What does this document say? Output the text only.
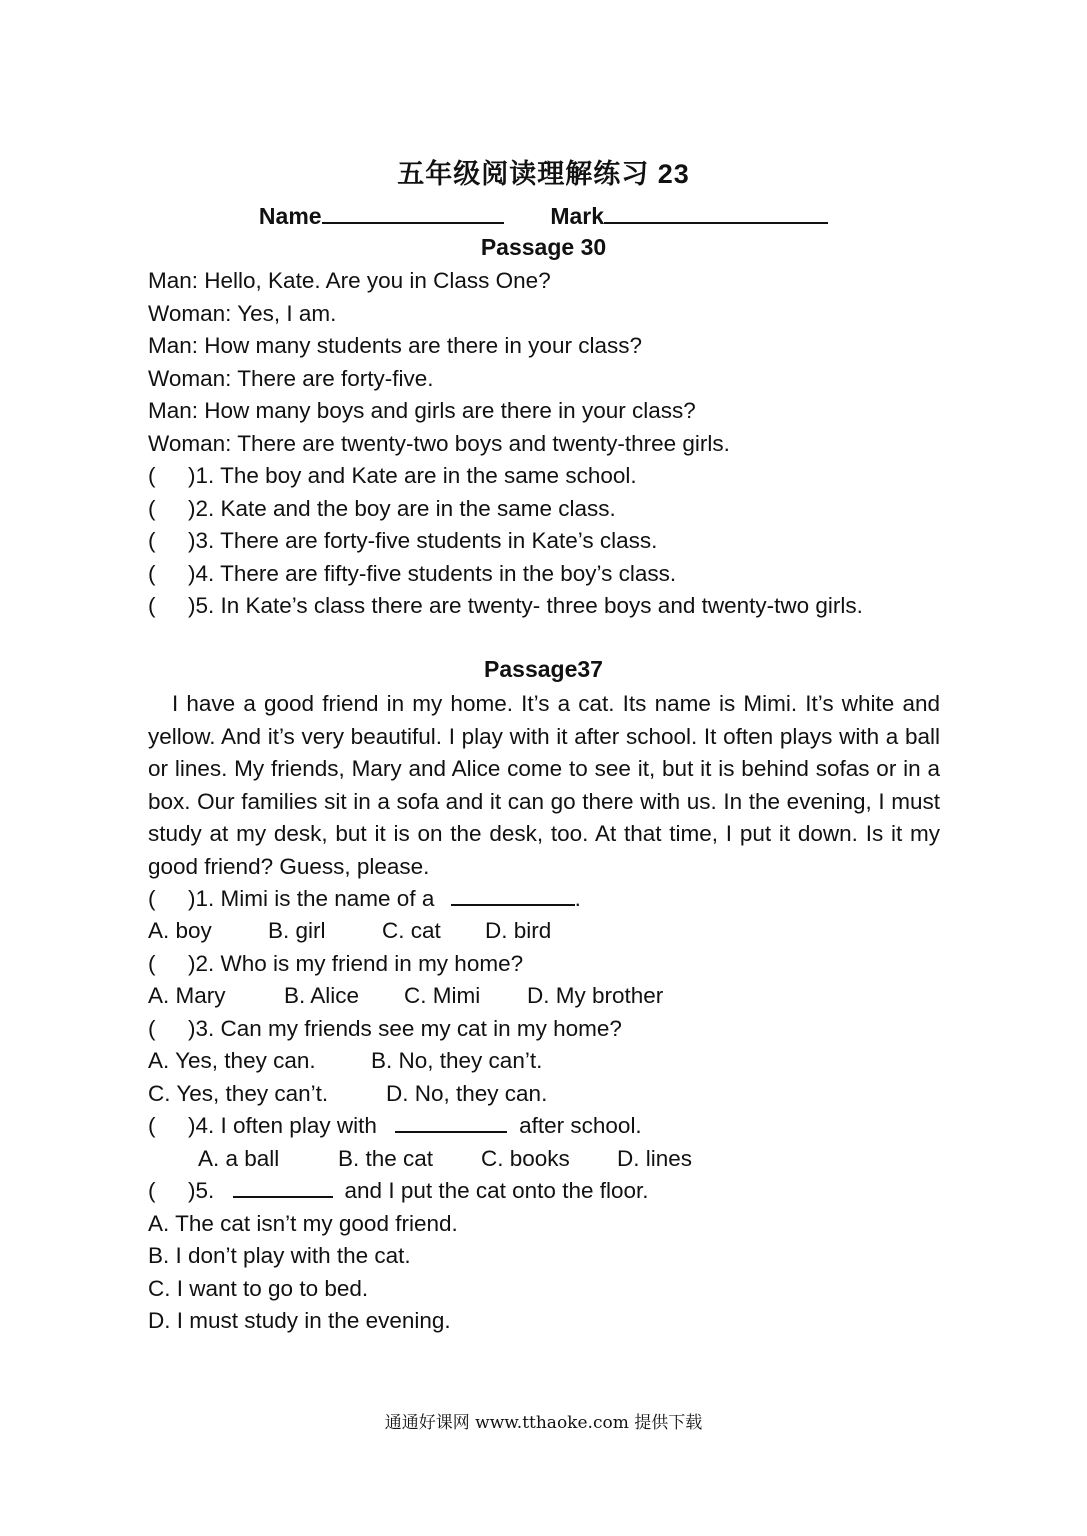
五年级阅读理解练习 23
Name	Mark
Passage 30
Man: Hello, Kate. Are you in Class One?
Woman: Yes, I am.
Man: How many students are there in your class?
Woman: There are forty-five.
Man: How many boys and girls are there in your class?
Woman: There are twenty-two boys and twenty-three girls.
( )1. The boy and Kate are in the same school.
( )2. Kate and the boy are in the same class.
( )3. There are forty-five students in Kate’s class.
( )4. There are fifty-five students in the boy’s class.
( )5. In Kate’s class there are twenty- three boys and twenty-two girls.
Passage37

I have a good friend in my home. It’s a cat. Its name is Mimi. It’s white and yellow. And it’s very beautiful. I play with it after school. It often plays with a ball or lines. My friends, Mary and Alice come to see it, but it is behind sofas or in a box. Our families sit in a sofa and it can go there with us. In the evening, I must study at my desk, but it is on the desk, too. At that time, I put it down. Is it my good friend? Guess, please.

( )1. Mimi is the name of a	.
A. boy B. girl	C. cat D. bird
( )2. Who is my friend in my home?
A. Mary	B. Alice C. Mimi D. My brother
( )3. Can my friends see my cat in my home?
A. Yes, they can. B. No, they can’t.
C. Yes, they can’t.	D. No, they can.
( )4. I often play with	after school.
A. a ball	B. the cat C. books D. lines
( )5.	and I put the cat onto the floor.
A. The cat isn’t my good friend.
B. I don’t play with the cat.
C. I want to go to bed.
D. I must study in the evening.
通通好课网 www.tthaoke.com 提供下载
